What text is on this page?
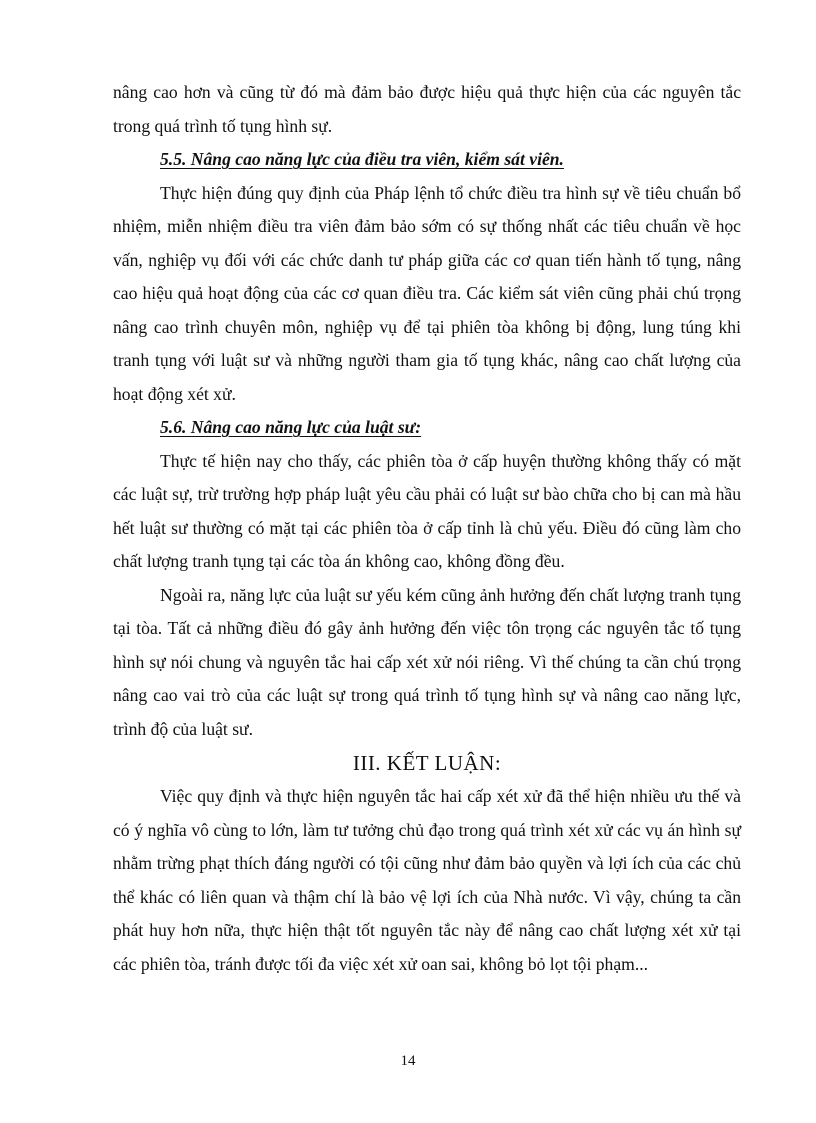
nâng cao hơn và cũng từ đó mà đảm bảo được hiệu quả thực hiện của các nguyên tắc trong quá trình tố tụng hình sự.

5.5. Nâng cao năng lực của điều tra viên, kiểm sát viên.

Thực hiện đúng quy định của Pháp lệnh tổ chức điều tra hình sự về tiêu chuẩn bổ nhiệm, miễn nhiệm điều tra viên đảm bảo sớm có sự thống nhất các tiêu chuẩn về học vấn, nghiệp vụ đối với các chức danh tư pháp giữa các cơ quan tiến hành tố tụng, nâng cao hiệu quả hoạt động của các cơ quan điều tra. Các kiểm sát viên cũng phải chú trọng nâng cao trình chuyên môn, nghiệp vụ để tại phiên tòa không bị động, lung túng khi tranh tụng với luật sư và những người tham gia tố tụng khác, nâng cao chất lượng của hoạt động xét xử.

5.6. Nâng cao năng lực của luật sư:

Thực tế hiện nay cho thấy, các phiên tòa ở cấp huyện thường không thấy có mặt các luật sự, trừ trường hợp pháp luật yêu cầu phải có luật sư bào chữa cho bị can mà hầu hết luật sư thường có mặt tại các phiên tòa ở cấp tỉnh là chủ yếu. Điều đó cũng làm cho chất lượng tranh tụng tại các tòa án không cao, không đồng đều.

Ngoài ra, năng lực của luật sư yếu kém cũng ảnh hưởng đến chất lượng tranh tụng tại tòa. Tất cả những điều đó gây ảnh hưởng đến việc tôn trọng các nguyên tắc tố tụng hình sự nói chung và nguyên tắc hai cấp xét xử nói riêng. Vì thế chúng ta cần chú trọng nâng cao vai trò của các luật sự trong quá trình tố tụng hình sự và nâng cao năng lực, trình độ của luật sư.

III. KẾT LUẬN:

Việc quy định và thực hiện nguyên tắc hai cấp xét xử đã thể hiện nhiều ưu thế và có ý nghĩa vô cùng to lớn, làm tư tưởng chủ đạo trong quá trình xét xử các vụ án hình sự nhằm trừng phạt thích đáng người có tội cũng như đảm bảo quyền và lợi ích của các chủ thể khác có liên quan và thậm chí là bảo vệ lợi ích của Nhà nước. Vì vậy, chúng ta cần phát huy hơn nữa, thực hiện thật tốt nguyên tắc này để nâng cao chất lượng xét xử tại các phiên tòa, tránh được tối đa việc xét xử oan sai, không bỏ lọt tội phạm...

14
